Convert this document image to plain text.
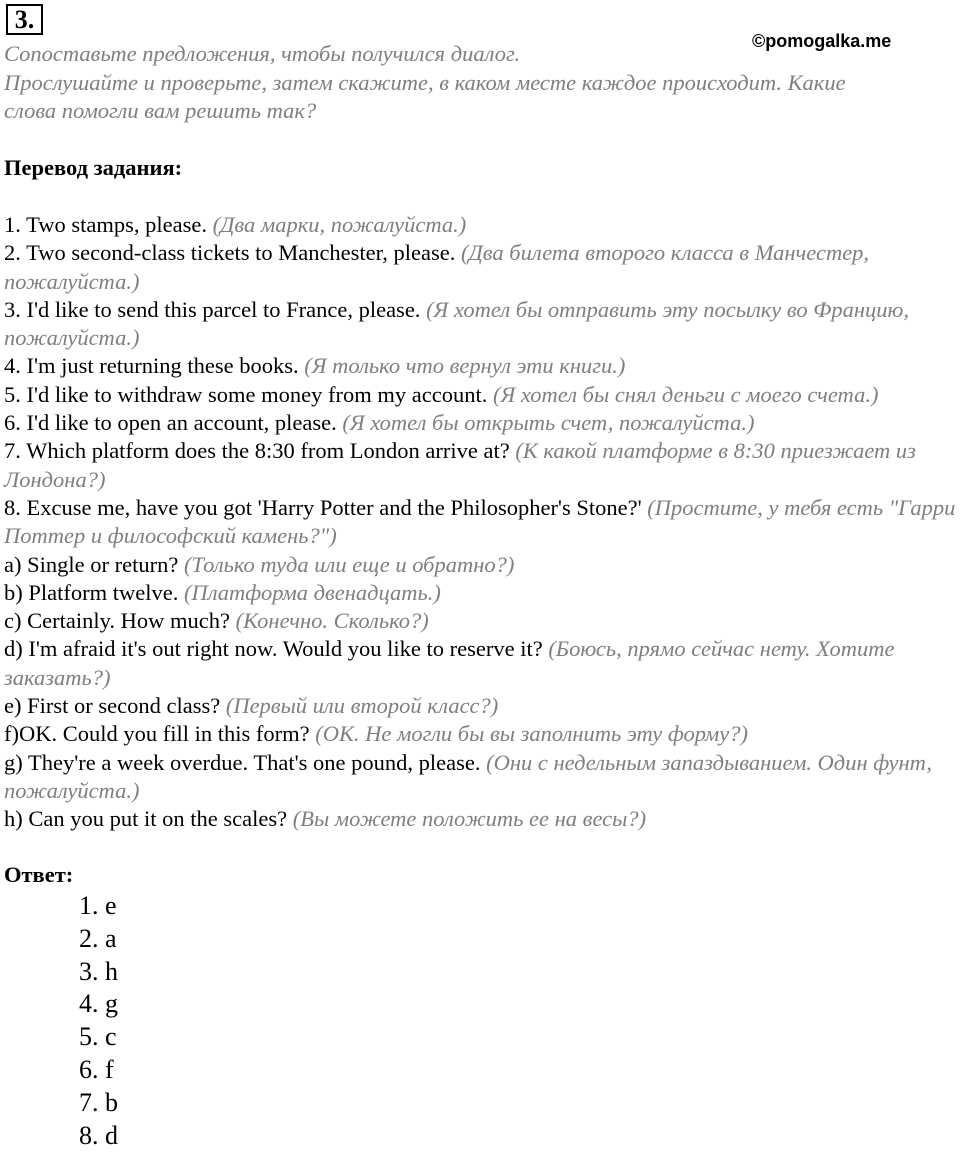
3.
©pomogalka.me
Сопоставьте предложения, чтобы получился диалог.
Прослушайте и проверьте, затем скажите, в каком месте каждое происходит. Какие
слова помогли вам решить так?
Перевод задания:

1. Two stamps, please. (Два марки, пожалуйста.)

2. Two second-class tickets to Manchester, please. (Два билета второго класса в Манчестер, пожалуйста.)

3. I'd like to send this parcel to France, please. (Я хотел бы отправить эту посылку во Францию, пожалуйста.)

4. I'm just returning these books. (Я только что вернул эти книги.)

5. I'd like to withdraw some money from my account. (Я хотел бы снял деньги с моего счета.)

6. I'd like to open an account, please. (Я хотел бы открыть счет, пожалуйста.)

7. Which platform does the 8:30 from London arrive at? (К какой платформе в 8:30 приезжает из Лондона?)

8. Excuse me, have you got 'Harry Potter and the Philosopher's Stone?' (Простите, у тебя есть "Гарри Поттер и философский камень?")

a) Single or return? (Только туда или еще и обратно?)

b) Platform twelve. (Платформа двенадцать.)

c) Certainly. How much? (Конечно. Сколько?)

d) I'm afraid it's out right now. Would you like to reserve it? (Боюсь, прямо сейчас нету. Хотите заказать?)

e) First or second class? (Первый или второй класс?)

f)OK. Could you fill in this form? (ОК. Не могли бы вы заполнить эту форму?)

g) They're a week overdue. That's one pound, please. (Они с недельным запаздыванием. Один фунт, пожалуйста.)

h) Can you put it on the scales? (Вы можете положить ее на весы?)

Ответ:
1. e
2. a
3. h
4. g
5. c
6. f
7. b
8. d
